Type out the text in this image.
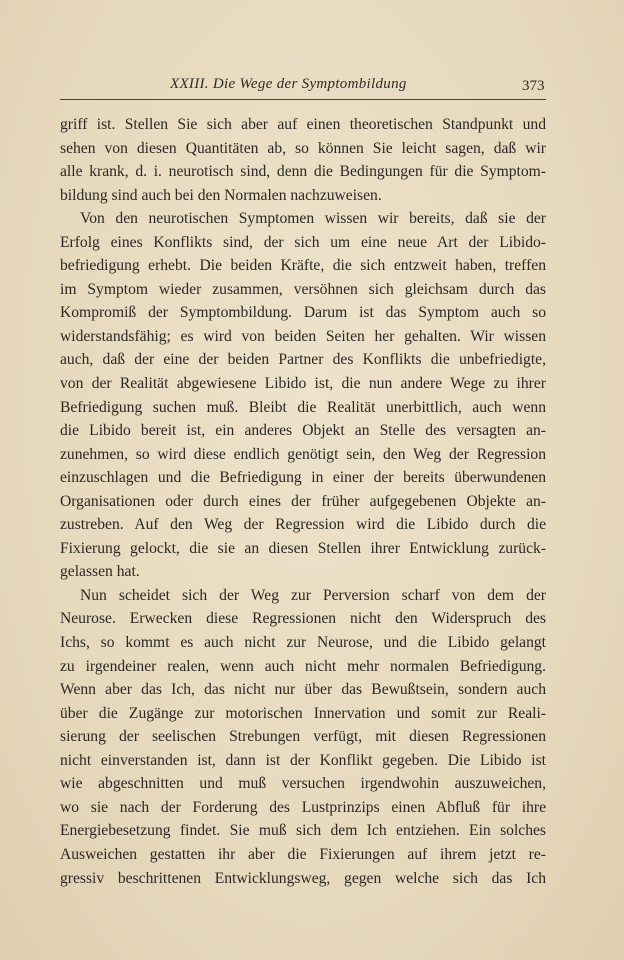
XXIII. Die Wege der Symptombildung	373
griff ist. Stellen Sie sich aber auf einen theoretischen Standpunkt und
sehen von diesen Quantitäten ab, so können Sie leicht sagen, daß wir
alle krank, d. i. neurotisch sind, denn die Bedingungen für die Symptom-
bildung sind auch bei den Normalen nachzuweisen.
Von den neurotischen Symptomen wissen wir bereits, daß sie der
Erfolg eines Konflikts sind, der sich um eine neue Art der Libido-
befriedigung erhebt. Die beiden Kräfte, die sich entzweit haben, treffen
im Symptom wieder zusammen, versöhnen sich gleichsam durch das
Kompromiß der Symptombildung. Darum ist das Symptom auch so
widerstandsfähig; es wird von beiden Seiten her gehalten. Wir wissen
auch, daß der eine der beiden Partner des Konflikts die unbefriedigte,
von der Realität abgewiesene Libido ist, die nun andere Wege zu ihrer
Befriedigung suchen muß. Bleibt die Realität unerbittlich, auch wenn
die Libido bereit ist, ein anderes Objekt an Stelle des versagten an-
zunehmen, so wird diese endlich genötigt sein, den Weg der Regression
einzuschlagen und die Befriedigung in einer der bereits überwundenen
Organisationen oder durch eines der früher aufgegebenen Objekte an-
zustreben. Auf den Weg der Regression wird die Libido durch die
Fixierung gelockt, die sie an diesen Stellen ihrer Entwicklung zurück-
gelassen hat.
Nun scheidet sich der Weg zur Perversion scharf von dem der
Neurose. Erwecken diese Regressionen nicht den Widerspruch des
Ichs, so kommt es auch nicht zur Neurose, und die Libido gelangt
zu irgendeiner realen, wenn auch nicht mehr normalen Befriedigung.
Wenn aber das Ich, das nicht nur über das Bewußtsein, sondern auch
über die Zugänge zur motorischen Innervation und somit zur Reali-
sierung der seelischen Strebungen verfügt, mit diesen Regressionen
nicht einverstanden ist, dann ist der Konflikt gegeben. Die Libido ist
wie abgeschnitten und muß versuchen irgendwohin auszuweichen,
wo sie nach der Forderung des Lustprinzips einen Abfluß für ihre
Energiebesetzung findet. Sie muß sich dem Ich entziehen. Ein solches
Ausweichen gestatten ihr aber die Fixierungen auf ihrem jetzt re-
gressiv beschrittenen Entwicklungsweg, gegen welche sich das Ich
